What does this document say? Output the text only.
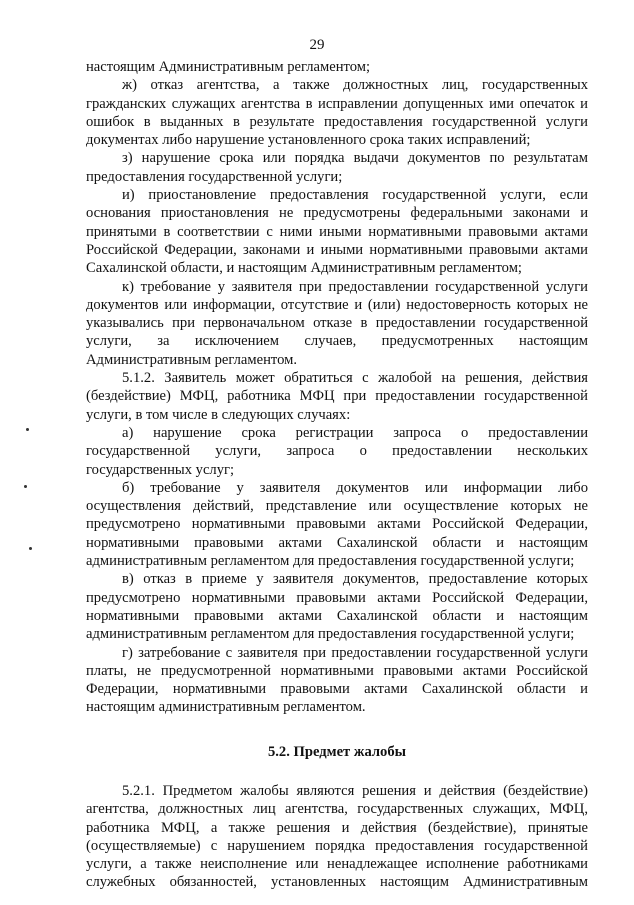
29

настоящим Административным регламентом;

ж) отказ агентства, а также должностных лиц, государственных гражданских служащих агентства в исправлении допущенных ими опечаток и ошибок в выданных в результате предоставления государственной услуги документах либо нарушение установленного срока таких исправлений;

з) нарушение срока или порядка выдачи документов по результатам предоставления государственной услуги;

и) приостановление предоставления государственной услуги, если основания приостановления не предусмотрены федеральными законами и принятыми в соответствии с ними иными нормативными правовыми актами Российской Федерации, законами и иными нормативными правовыми актами Сахалинской области, и настоящим Административным регламентом;

к) требование у заявителя при предоставлении государственной услуги документов или информации, отсутствие и (или) недостоверность которых не указывались при первоначальном отказе в предоставлении государственной услуги, за исключением случаев, предусмотренных настоящим Административным регламентом.

5.1.2. Заявитель может обратиться с жалобой на решения, действия (бездействие) МФЦ, работника МФЦ при предоставлении государственной услуги, в том числе в следующих случаях:

а) нарушение срока регистрации запроса о предоставлении государственной услуги, запроса о предоставлении нескольких государственных услуг;

б) требование у заявителя документов или информации либо осуществления действий, представление или осуществление которых не предусмотрено нормативными правовыми актами Российской Федерации, нормативными правовыми актами Сахалинской области и настоящим административным регламентом для предоставления государственной услуги;

в) отказ в приеме у заявителя документов, предоставление которых предусмотрено нормативными правовыми актами Российской Федерации, нормативными правовыми актами Сахалинской области и настоящим административным регламентом для предоставления государственной услуги;

г) затребование с заявителя при предоставлении государственной услуги платы, не предусмотренной нормативными правовыми актами Российской Федерации, нормативными правовыми актами Сахалинской области и настоящим административным регламентом.

5.2. Предмет жалобы

5.2.1. Предметом жалобы являются решения и действия (бездействие) агентства, должностных лиц агентства, государственных служащих, МФЦ, работника МФЦ, а также решения и действия (бездействие), принятые (осуществляемые) с нарушением порядка предоставления государственной услуги, а также неисполнение или ненадлежащее исполнение работниками служебных обязанностей, установленных настоящим Административным
